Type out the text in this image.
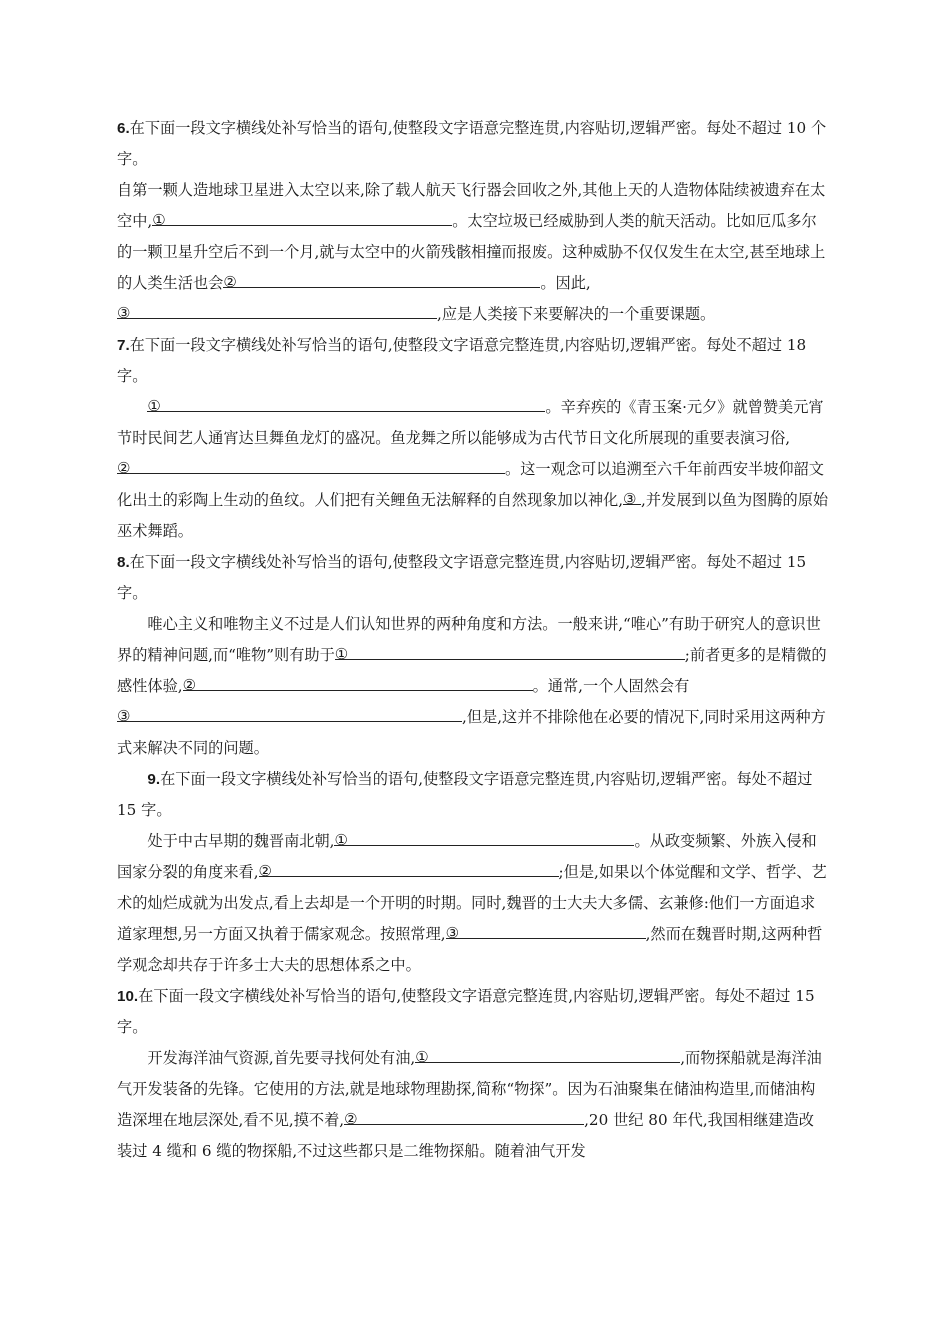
6.在下面一段文字横线处补写恰当的语句,使整段文字语意完整连贯,内容贴切,逻辑严密。每处不超过 10 个字。

自第一颗人造地球卫星进入太空以来,除了载人航天飞行器会回收之外,其他上天的人造物体陆续被遗弃在太空中, ①	。太空垃圾已经威胁到人类的航天活动。比如厄瓜多尔的一颗卫星升空后不到一个月,就与太空中的火箭残骸相撞而报废。这种威胁不仅仅发生在太空,甚至地球上的人类生活也会 ②	。因此,
③	,应是人类接下来要解决的一个重要课题。

7.在下面一段文字横线处补写恰当的语句,使整段文字语意完整连贯,内容贴切,逻辑严密。每处不超过 18 字。

①	。辛弃疾的《青玉案·元夕》就曾赞美元宵节时民间艺人通宵达旦舞鱼龙灯的盛况。鱼龙舞之所以能够成为古代节日文化所展现的重要表演习俗,
②	。这一观念可以追溯至六千年前西安半坡仰韶文化出土的彩陶上生动的鱼纹。人们把有关鲤鱼无法解释的自然现象加以神化, ③ ,并发展到以鱼为图腾的原始巫术舞蹈。

8.在下面一段文字横线处补写恰当的语句,使整段文字语意完整连贯,内容贴切,逻辑严密。每处不超过 15 字。

唯心主义和唯物主义不过是人们认知世界的两种角度和方法。一般来讲,“唯心”有助于研究人的意识世界的精神问题,而“唯物”则有助于 ①	;前者更多的是精微的感性体验, ②	。通常,一个人固然会有
③	,但是,这并不排除他在必要的情况下,同时采用这两种方式来解决不同的问题。

9.在下面一段文字横线处补写恰当的语句,使整段文字语意完整连贯,内容贴切,逻辑严密。每处不超过 15 字。

处于中古早期的魏晋南北朝, ①	。从政变频繁、外族入侵和国家分裂的角度来看, ②	;但是,如果以个体觉醒和文学、哲学、艺术的灿烂成就为出发点,看上去却是一个开明的时期。同时,魏晋的士大夫大多儒、玄兼修:他们一方面追求道家理想,另一方面又执着于儒家观念。按照常理, ③	,然而在魏晋时期,这两种哲学观念却共存于许多士大夫的思想体系之中。

10.在下面一段文字横线处补写恰当的语句,使整段文字语意完整连贯,内容贴切,逻辑严密。每处不超过 15 字。

开发海洋油气资源,首先要寻找何处有油, ①	,而物探船就是海洋油气开发装备的先锋。它使用的方法,就是地球物理勘探,简称“物探”。因为石油聚集在储油构造里,而储油构造深埋在地层深处,看不见,摸不着, ②	,20 世纪 80 年代,我国相继建造改装过 4 缆和 6 缆的物探船,不过这些都只是二维物探船。随着油气开发
